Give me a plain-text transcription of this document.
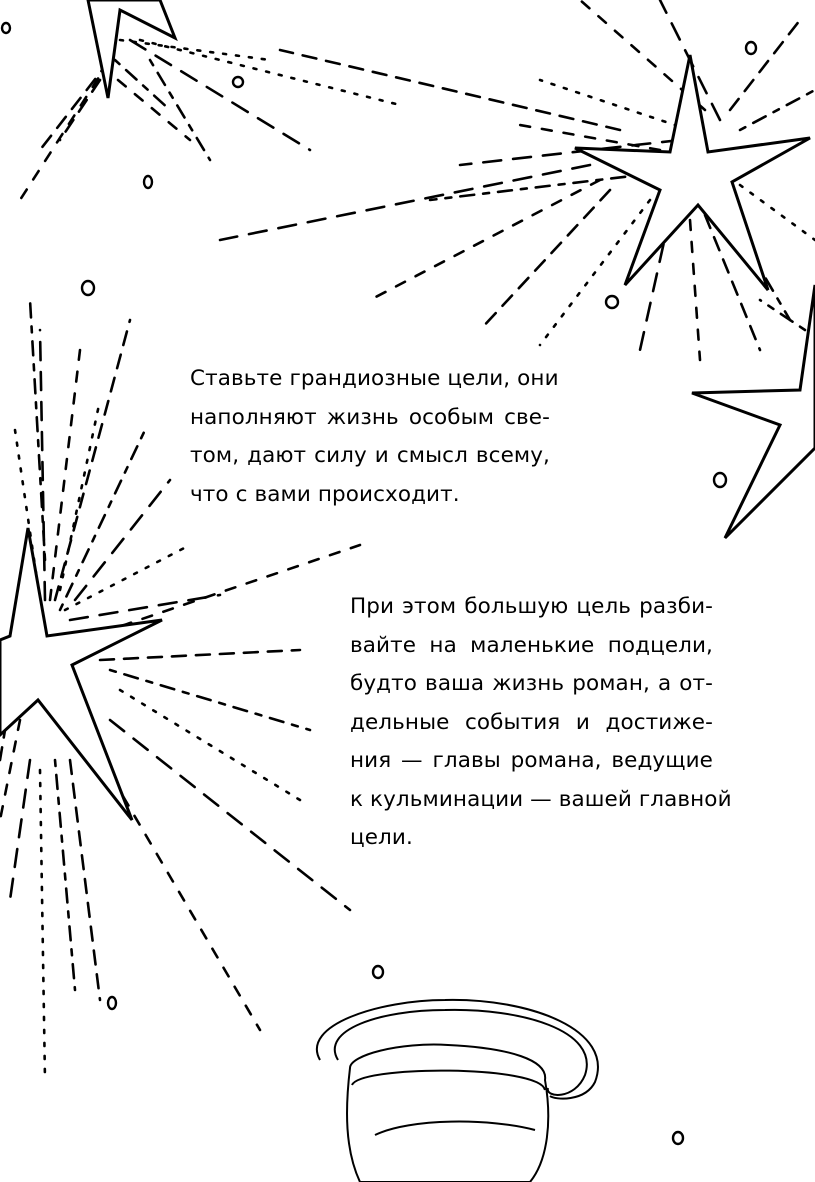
Ставьте грандиозные цели, они
наполняют жизнь особым све-
том, дают силу и смысл всему,
что с вами происходит.
При этом большую цель разби-
вайте на маленькие подцели,
будто ваша жизнь роман, а от-
дельные события и достиже-
ния — главы романа, ведущие
к кульминации — вашей главной
цели.
